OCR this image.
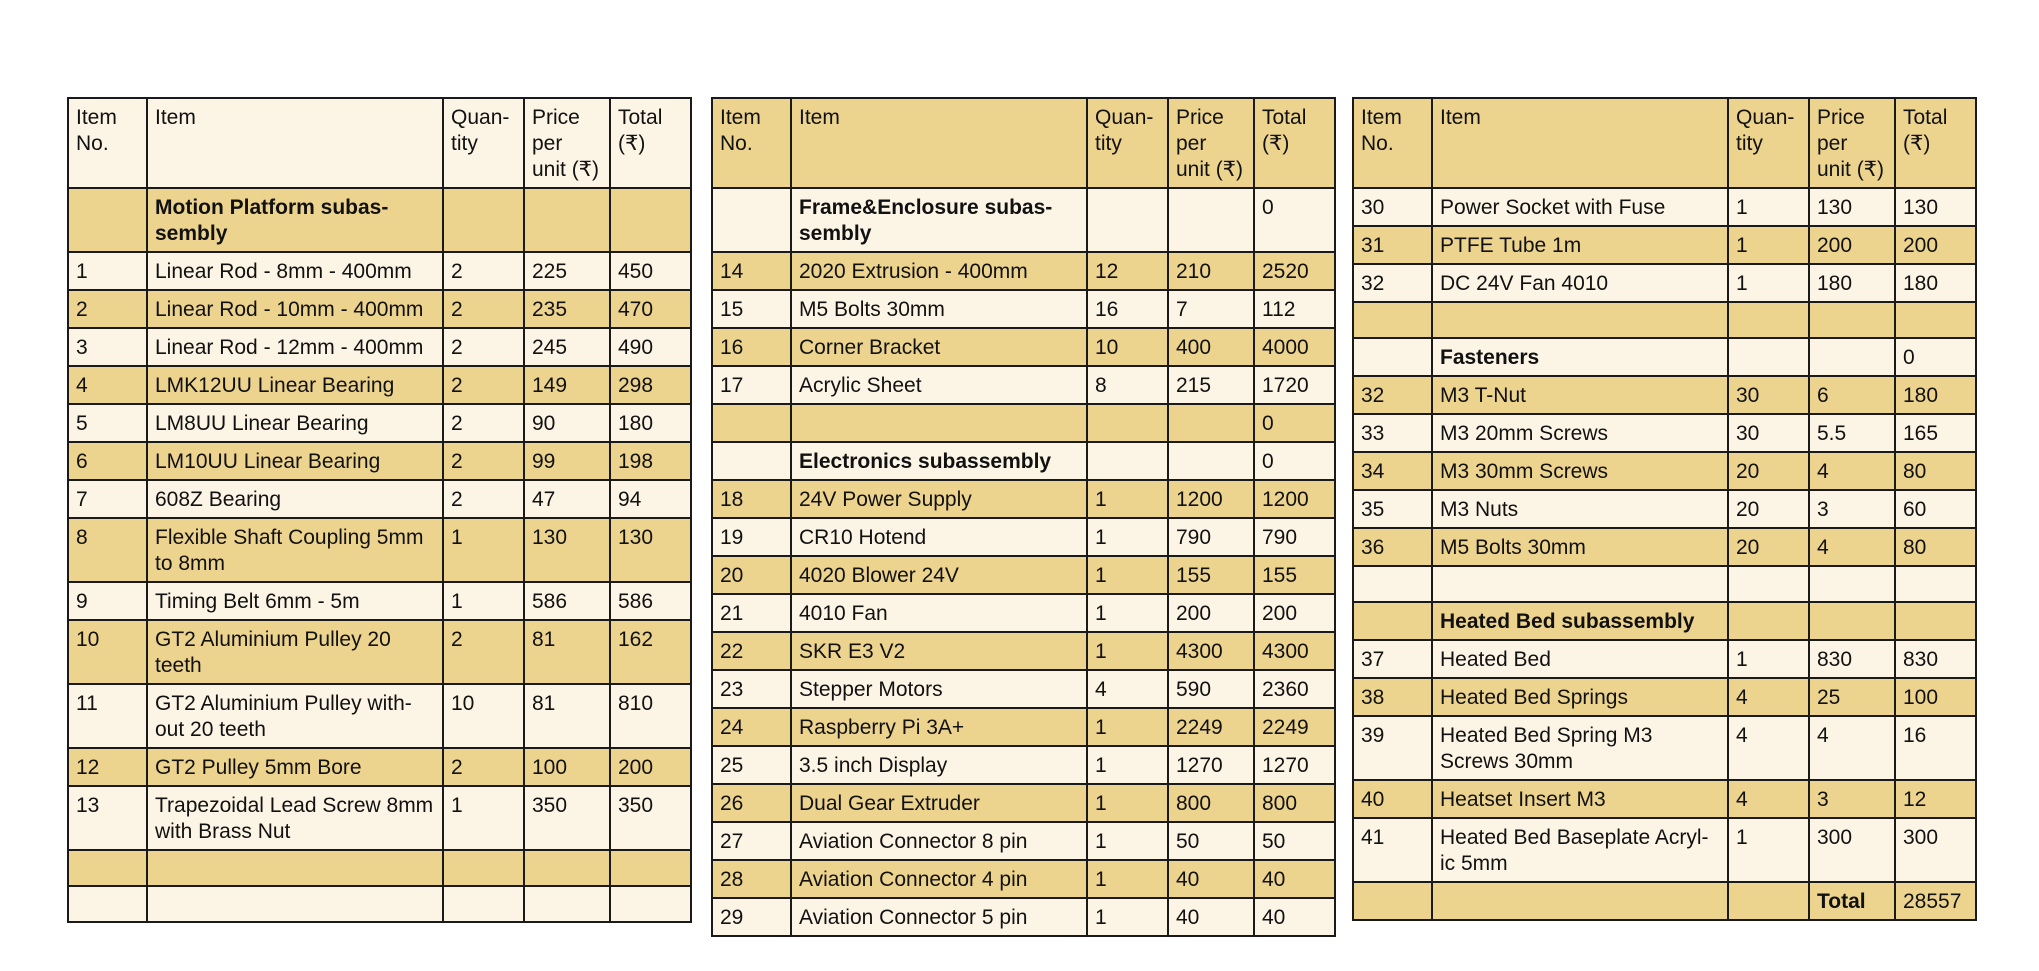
Item No.	Item	Quan-tity	Price per unit (₹)	Total (₹)
	Motion Platform subas-sembly			
1	Linear Rod - 8mm - 400mm	2	225	450
2	Linear Rod - 10mm - 400mm	2	235	470
3	Linear Rod - 12mm - 400mm	2	245	490
4	LMK12UU Linear Bearing	2	149	298
5	LM8UU Linear Bearing	2	90	180
6	LM10UU Linear Bearing	2	99	198
7	608Z Bearing	2	47	94
8	Flexible Shaft Coupling 5mm to 8mm	1	130	130
9	Timing Belt 6mm - 5m	1	586	586
10	GT2 Aluminium Pulley 20 teeth	2	81	162
11	GT2 Aluminium Pulley with-out 20 teeth	10	81	810
12	GT2 Pulley 5mm Bore	2	100	200
13	Trapezoidal Lead Screw 8mm with Brass Nut	1	350	350

Item No.	Item	Quan-tity	Price per unit (₹)	Total (₹)
	Frame&Enclosure subas-sembly			0
14	2020 Extrusion - 400mm	12	210	2520
15	M5 Bolts 30mm	16	7	112
16	Corner Bracket	10	400	4000
17	Acrylic Sheet	8	215	1720
				0
	Electronics subassembly			0
18	24V Power Supply	1	1200	1200
19	CR10 Hotend	1	790	790
20	4020 Blower 24V	1	155	155
21	4010 Fan	1	200	200
22	SKR E3 V2	1	4300	4300
23	Stepper Motors	4	590	2360
24	Raspberry Pi 3A+	1	2249	2249
25	3.5 inch Display	1	1270	1270
26	Dual Gear Extruder	1	800	800
27	Aviation Connector 8 pin	1	50	50
28	Aviation Connector 4 pin	1	40	40
29	Aviation Connector 5 pin	1	40	40
Item No.	Item	Quan-tity	Price per unit (₹)	Total (₹)
30	Power Socket with Fuse	1	130	130
31	PTFE Tube 1m	1	200	200
32	DC 24V Fan 4010	1	180	180

	Fasteners			0
32	M3 T-Nut	30	6	180
33	M3 20mm Screws	30	5.5	165
34	M3 30mm Screws	20	4	80
35	M3 Nuts	20	3	60
36	M5 Bolts 30mm	20	4	80

	Heated Bed subassembly			
37	Heated Bed	1	830	830
38	Heated Bed Springs	4	25	100
39	Heated Bed Spring M3 Screws 30mm	4	4	16
40	Heatset Insert M3	4	3	12
41	Heated Bed Baseplate Acryl-ic 5mm	1	300	300
			Total	28557
